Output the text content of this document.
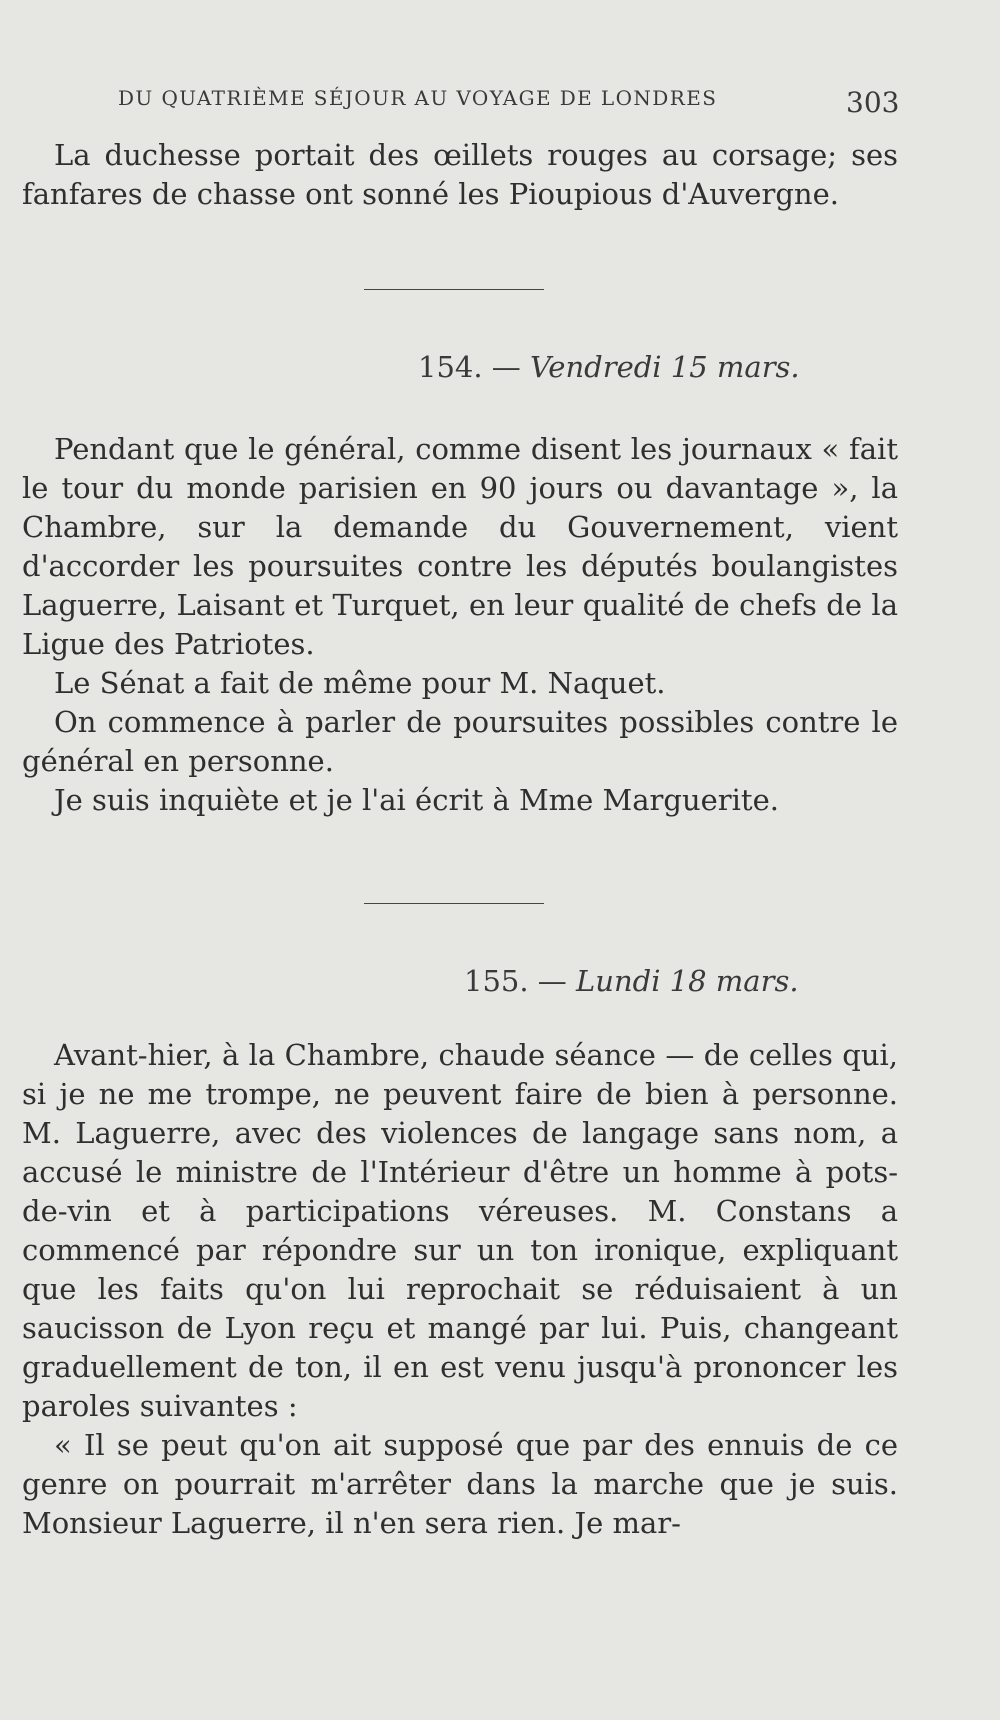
DU QUATRIÈME SÉJOUR AU VOYAGE DE LONDRES	303

La duchesse portait des œillets rouges au corsage; ses fanfares de chasse ont sonné les Pioupious d'Auvergne.

154. — Vendredi 15 mars.

Pendant que le général, comme disent les journaux « fait le tour du monde parisien en 90 jours ou davantage », la Chambre, sur la demande du Gouvernement, vient d'accorder les poursuites contre les députés boulangistes Laguerre, Laisant et Turquet, en leur qualité de chefs de la Ligue des Patriotes.

Le Sénat a fait de même pour M. Naquet.

On commence à parler de poursuites possibles contre le général en personne.

Je suis inquiète et je l'ai écrit à Mme Marguerite.

155. — Lundi 18 mars.

Avant-hier, à la Chambre, chaude séance — de celles qui, si je ne me trompe, ne peuvent faire de bien à personne. M. Laguerre, avec des violences de langage sans nom, a accusé le ministre de l'Intérieur d'être un homme à pots-de-vin et à participations véreuses. M. Constans a commencé par répondre sur un ton ironique, expliquant que les faits qu'on lui reprochait se réduisaient à un saucisson de Lyon reçu et mangé par lui. Puis, changeant graduellement de ton, il en est venu jusqu'à prononcer les paroles suivantes :

« Il se peut qu'on ait supposé que par des ennuis de ce genre on pourrait m'arrêter dans la marche que je suis. Monsieur Laguerre, il n'en sera rien. Je mar-
